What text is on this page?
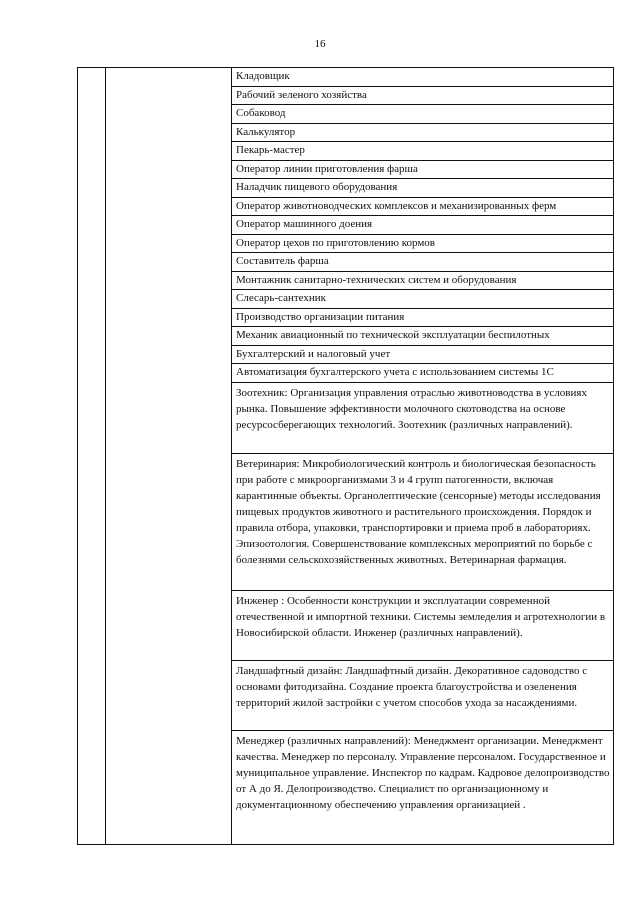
16
		Кладовщик
Рабочий зеленого хозяйства
Собаковод
Калькулятор
Пекарь-мастер
Оператор линии приготовления фарша
Наладчик пищевого оборудования
Оператор животноводческих комплексов и механизированных ферм
Оператор машинного доения
Оператор цехов по приготовлению кормов
Составитель фарша
Монтажник санитарно-технических систем и оборудования
Слесарь-сантехник
Производство организации питания
Механик авиационный по технической эксплуатации беспилотных
Бухгалтерский и налоговый учет
Автоматизация бухгалтерского учета с использованием системы 1С
Зоотехник: Организация управления отраслью животноводства в условиях рынка. Повышение эффективности молочного скотоводства на основе ресурсосберегающих технологий. Зоотехник (различных направлений).
Ветеринария: Микробиологический контроль и биологическая безопасность при работе с микроорганизмами 3 и 4 групп патогенности, включая карантинные объекты. Органолептические (сенсорные) методы исследования пищевых продуктов животного и растительного происхождения. Порядок и правила отбора, упаковки, транспортировки и приема проб в лабораториях. Эпизоотология. Совершенствование комплексных мероприятий по борьбе с болезнями сельскохозяйственных животных. Ветеринарная фармация.
Инженер : Особенности конструкции и эксплуатации современной отечественной и импортной техники. Системы земледелия и агротехнологии в Новосибирской области. Инженер (различных направлений).
Ландшафтный дизайн: Ландшафтный дизайн. Декоративное садоводство с основами фитодизайна. Создание проекта благоустройства и озеленения территорий жилой застройки с учетом способов ухода за насаждениями.
Менеджер (различных направлений): Менеджмент организации. Менеджмент качества. Менеджер по персоналу. Управление персоналом. Государственное и муниципальное управление. Инспектор по кадрам. Кадровое делопроизводство от А до Я. Делопроизводство. Специалист по организационному и документационному обеспечению управления организацией .
